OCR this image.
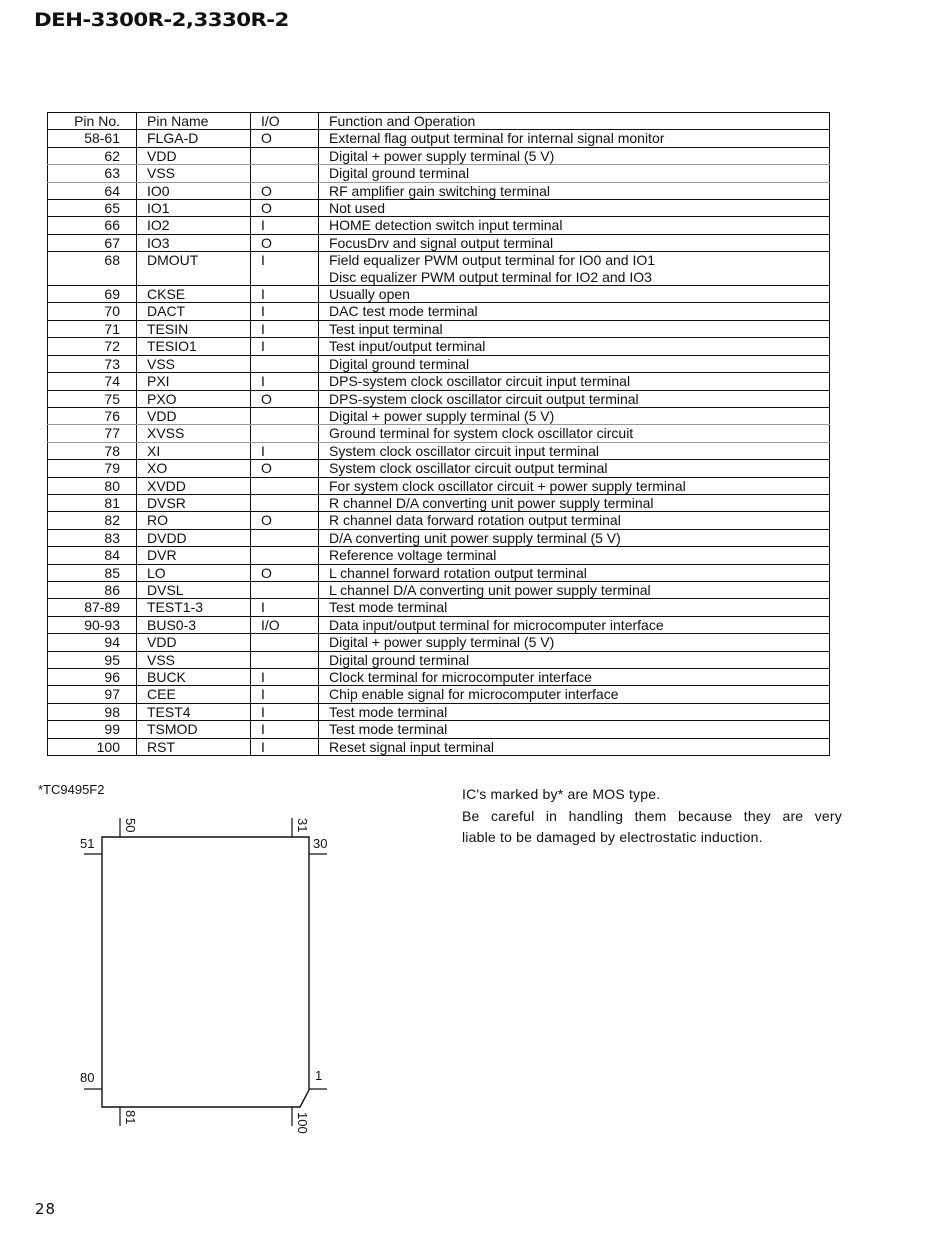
DEH-3300R-2,3330R-2
Pin No.	Pin Name	I/O	Function and Operation
58-61	FLGA-D	O	External flag output terminal for internal signal monitor

62	VDD		Digital + power supply terminal (5 V)

63	VSS		Digital ground terminal

64	IO0	O	RF amplifier gain switching terminal

65	IO1	O	Not used

66	IO2	I	HOME detection switch input terminal

67	IO3	O	FocusDrv and signal output terminal

68	DMOUT	I	Field equalizer PWM output terminal for IO0 and IO1
Disc equalizer PWM output terminal for IO2 and IO3

69	CKSE	I	Usually open

70	DACT	I	DAC test mode terminal

71	TESIN	I	Test input terminal

72	TESIO1	I	Test input/output terminal

73	VSS		Digital ground terminal

74	PXI	I	DPS-system clock oscillator circuit input terminal

75	PXO	O	DPS-system clock oscillator circuit output terminal

76	VDD		Digital + power supply terminal (5 V)

77	XVSS		Ground terminal for system clock oscillator circuit

78	XI	I	System clock oscillator circuit input terminal

79	XO	O	System clock oscillator circuit output terminal

80	XVDD		For system clock oscillator circuit + power supply terminal

81	DVSR		R channel D/A converting unit power supply terminal

82	RO	O	R channel data forward rotation output terminal

83	DVDD		D/A converting unit power supply terminal (5 V)

84	DVR		Reference voltage terminal

85	LO	O	L channel forward rotation output terminal

86	DVSL		L channel D/A converting unit power supply terminal

87-89	TEST1-3	I	Test mode terminal

90-93	BUS0-3	I/O	Data input/output terminal for microcomputer interface

94	VDD		Digital + power supply terminal (5 V)

95	VSS		Digital ground terminal

96	BUCK	I	Clock terminal for microcomputer interface

97	$\overline{CEE}$	I	Chip enable signal for microcomputer interface

98	TEST4	I	Test mode terminal

99	TSMOD	I	Test mode terminal

100	$\overline{RST}$	I	Reset signal input terminal
*TC9495F2
50	31
51	30
80	1
81	100
IC's marked by* are MOS type.
Be careful in handling them because they are very
liable to be damaged by electrostatic induction.
28
